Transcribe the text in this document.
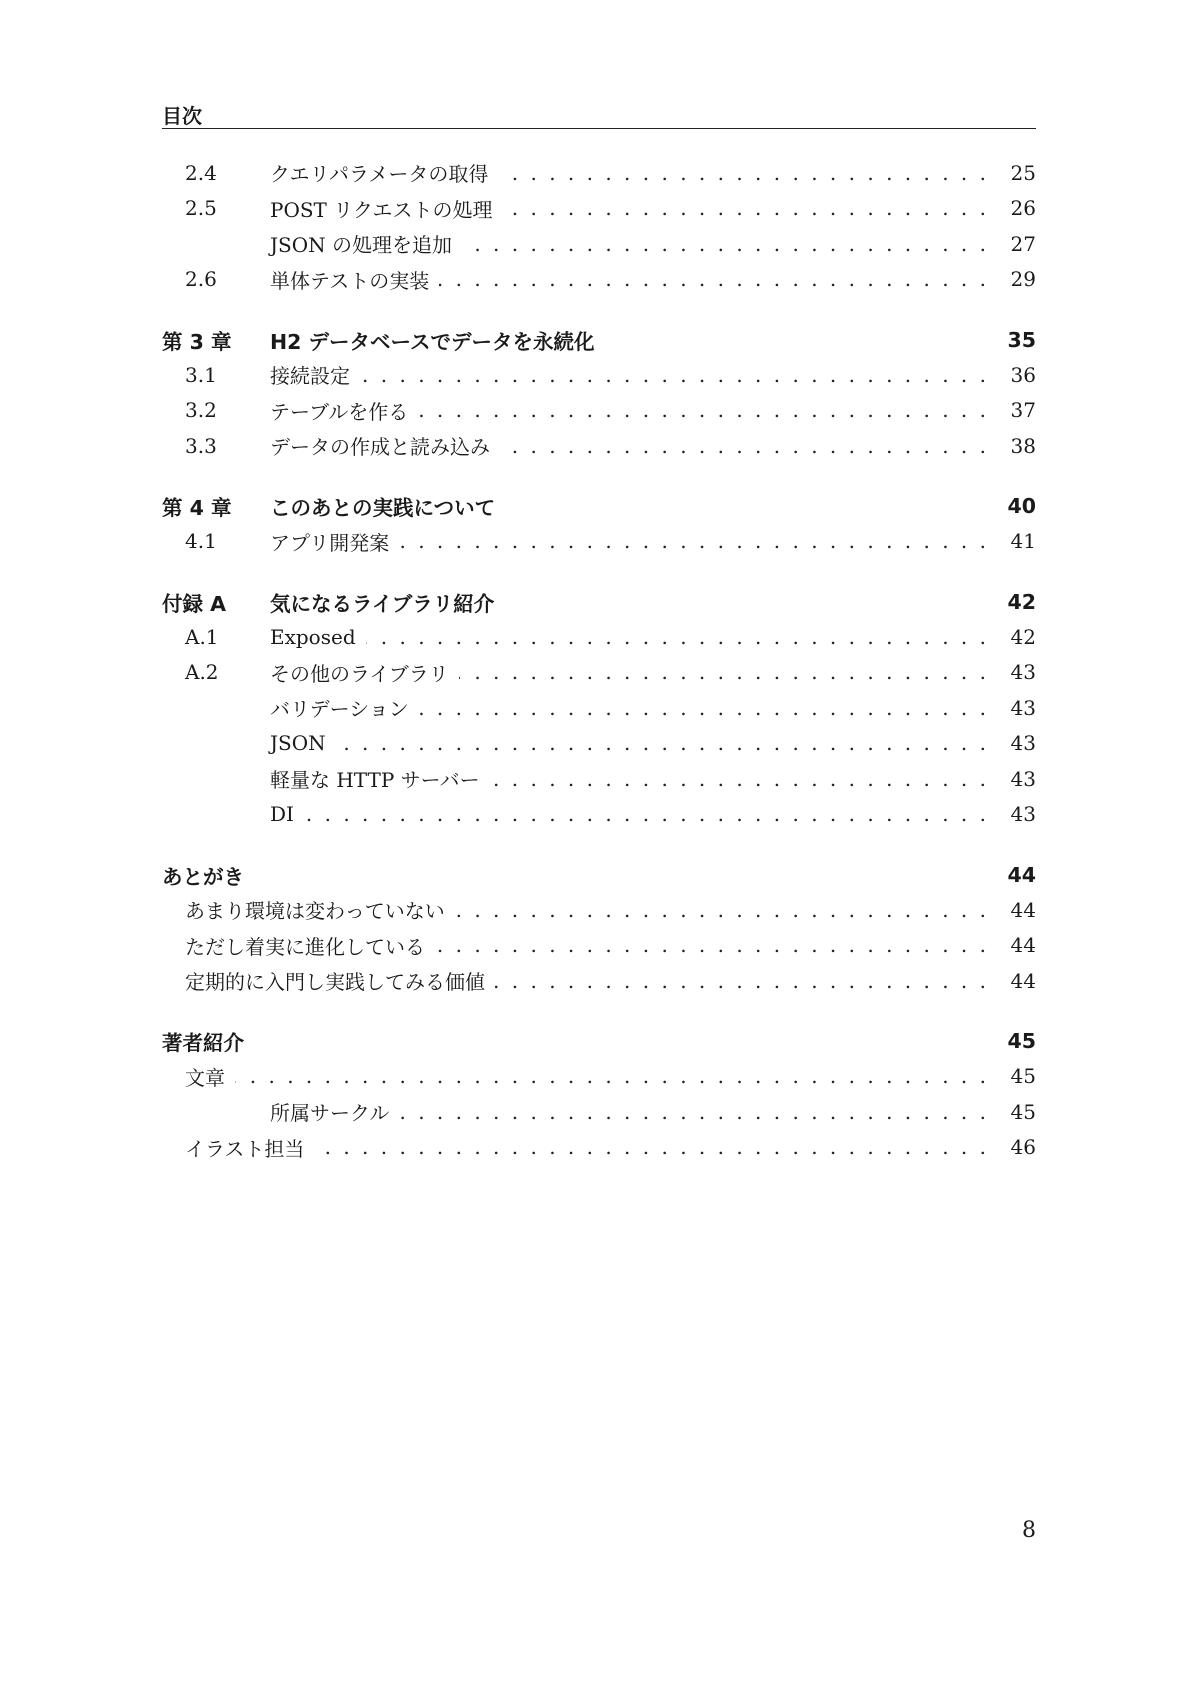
目次
2.4	クエリパラメータの取得 . . .	25
2.5	POST リクエストの処理 . . .	26
JSON の処理を追加 . . .	27
2.6	単体テストの実装 . . .	29
第 3 章	H2 データベースでデータを永続化	35
3.1	接続設定 . . .	36
3.2	テーブルを作る . . .	37
3.3	データの作成と読み込み . . .	38
第 4 章	このあとの実践について	40
4.1	アプリ開発案 . . .	41
付録 A	気になるライブラリ紹介	42
A.1	Exposed . . .	42
A.2	その他のライブラリ . . .	43
バリデーション . . .	43
JSON . . .	43
軽量な HTTP サーバー . . .	43
DI . . .	43
あとがき	44
あまり環境は変わっていない . . .	44
ただし着実に進化している . . .	44
定期的に入門し実践してみる価値 . . .	44
著者紹介	45
文章 . . .	45
所属サークル . . .	45
イラスト担当 . . .	46
8
